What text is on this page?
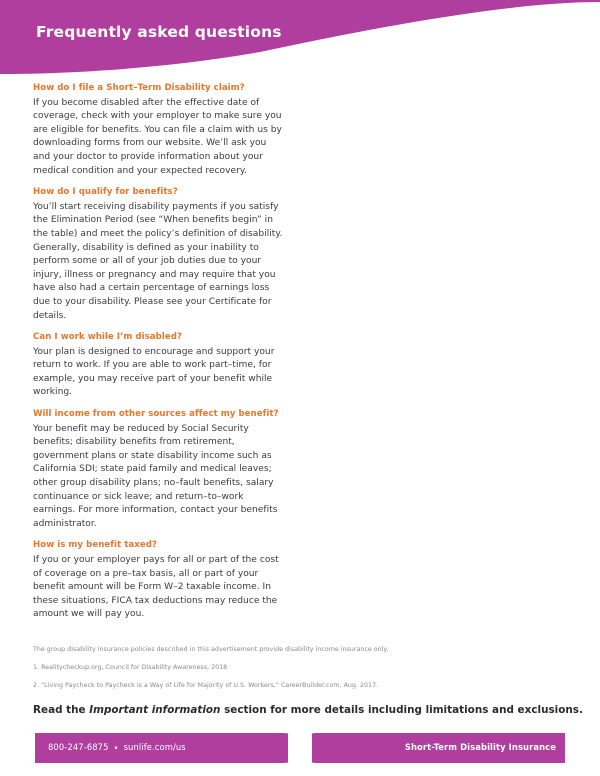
Frequently asked questions

How do I file a Short–Term Disability claim?

If you become disabled after the effective date of coverage, check with your employer to make sure you are eligible for benefits. You can file a claim with us by downloading forms from our website. We’ll ask you and your doctor to provide information about your medical condition and your expected recovery.

How do I qualify for benefits?

You’ll start receiving disability payments if you satisfy the Elimination Period (see “When benefits begin” in the table) and meet the policy’s definition of disability. Generally, disability is defined as your inability to perform some or all of your job duties due to your injury, illness or pregnancy and may require that you have also had a certain percentage of earnings loss due to your disability. Please see your Certificate for details.

Can I work while I’m disabled?

Your plan is designed to encourage and support your return to work. If you are able to work part–time, for example, you may receive part of your benefit while working.

Will income from other sources affect my benefit?

Your benefit may be reduced by Social Security benefits; disability benefits from retirement, government plans or state disability income such as California SDI; state paid family and medical leaves; other group disability plans; no–fault benefits, salary continuance or sick leave; and return–to–work earnings. For more information, contact your benefits administrator.

How is my benefit taxed?

If you or your employer pays for all or part of the cost of coverage on a pre–tax basis, all or part of your benefit amount will be Form W–2 taxable income. In these situations, FICA tax deductions may reduce the amount we will pay you.

The group disability insurance policies described in this advertisement provide disability income insurance only.

1. Realitycheckup.org, Council for Disability Awareness, 2018

2. “Living Paycheck to Paycheck is a Way of Life for Majority of U.S. Workers,” CareerBuilder.com, Aug. 2017.

Read the Important information section for more details including limitations and exclusions.
800-247-6875 • sunlife.com/us	Short-Term Disability Insurance
